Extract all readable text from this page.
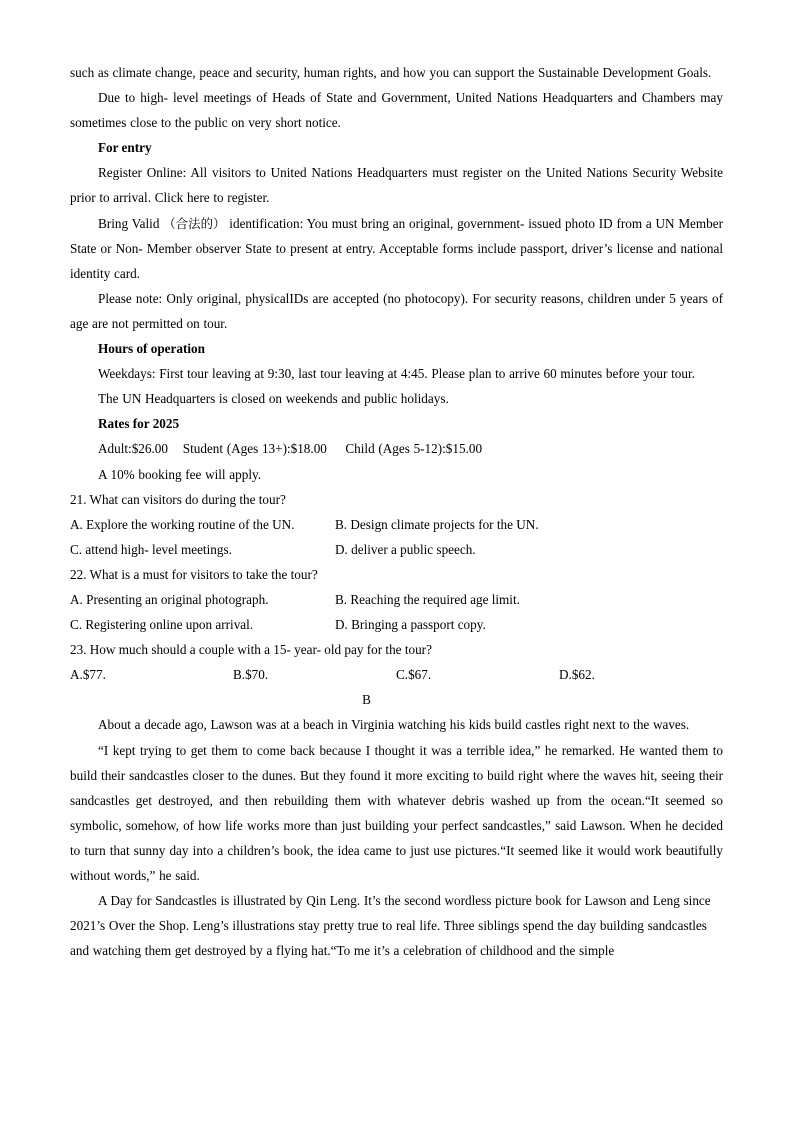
such as climate change, peace and security, human rights, and how you can support the Sustainable Development Goals.

Due to high- level meetings of Heads of State and Government, United Nations Headquarters and Chambers may sometimes close to the public on very short notice.

For entry

Register Online: All visitors to United Nations Headquarters must register on the United Nations Security Website prior to arrival. Click here to register.

Bring Valid （合法的） identification: You must bring an original, government- issued photo ID from a UN Member State or Non- Member observer State to present at entry. Acceptable forms include passport, driver’s license and national identity card.

Please note: Only original, physicalIDs are accepted (no photocopy). For security reasons, children under 5 years of age are not permitted on tour.

Hours of operation

Weekdays: First tour leaving at 9:30, last tour leaving at 4:45. Please plan to arrive 60 minutes before your tour.

The UN Headquarters is closed on weekends and public holidays.

Rates for 2025

Adult:$26.00    Student (Ages 13+):$18.00     Child (Ages 5-12):$15.00

A 10% booking fee will apply.

21. What can visitors do during the tour?

A. Explore the working routine of the UN.	B. Design climate projects for the UN.
C. attend high- level meetings.	D. deliver a public speech.

22. What is a must for visitors to take the tour?

A. Presenting an original photograph.	B. Reaching the required age limit.
C. Registering online upon arrival.	D. Bringing a passport copy.

23. How much should a couple with a 15- year- old pay for the tour?

A.$77.	B.$70.	C.$67.	D.$62.

B

About a decade ago, Lawson was at a beach in Virginia watching his kids build castles right next to the waves.

“I kept trying to get them to come back because I thought it was a terrible idea,” he remarked. He wanted them to build their sandcastles closer to the dunes. But they found it more exciting to build right where the waves hit, seeing their sandcastles get destroyed, and then rebuilding them with whatever debris washed up from the ocean.“It seemed so symbolic, somehow, of how life works more than just building your perfect sandcastles,” said Lawson. When he decided to turn that sunny day into a children’s book, the idea came to just use pictures.“It seemed like it would work beautifully without words,” he said.

A Day for Sandcastles is illustrated by Qin Leng. It’s the second wordless picture book for Lawson and Leng since 2021’s Over the Shop. Leng’s illustrations stay pretty true to real life. Three siblings spend the day building sandcastles and watching them get destroyed by a flying hat.“To me it’s a celebration of childhood and the simple
